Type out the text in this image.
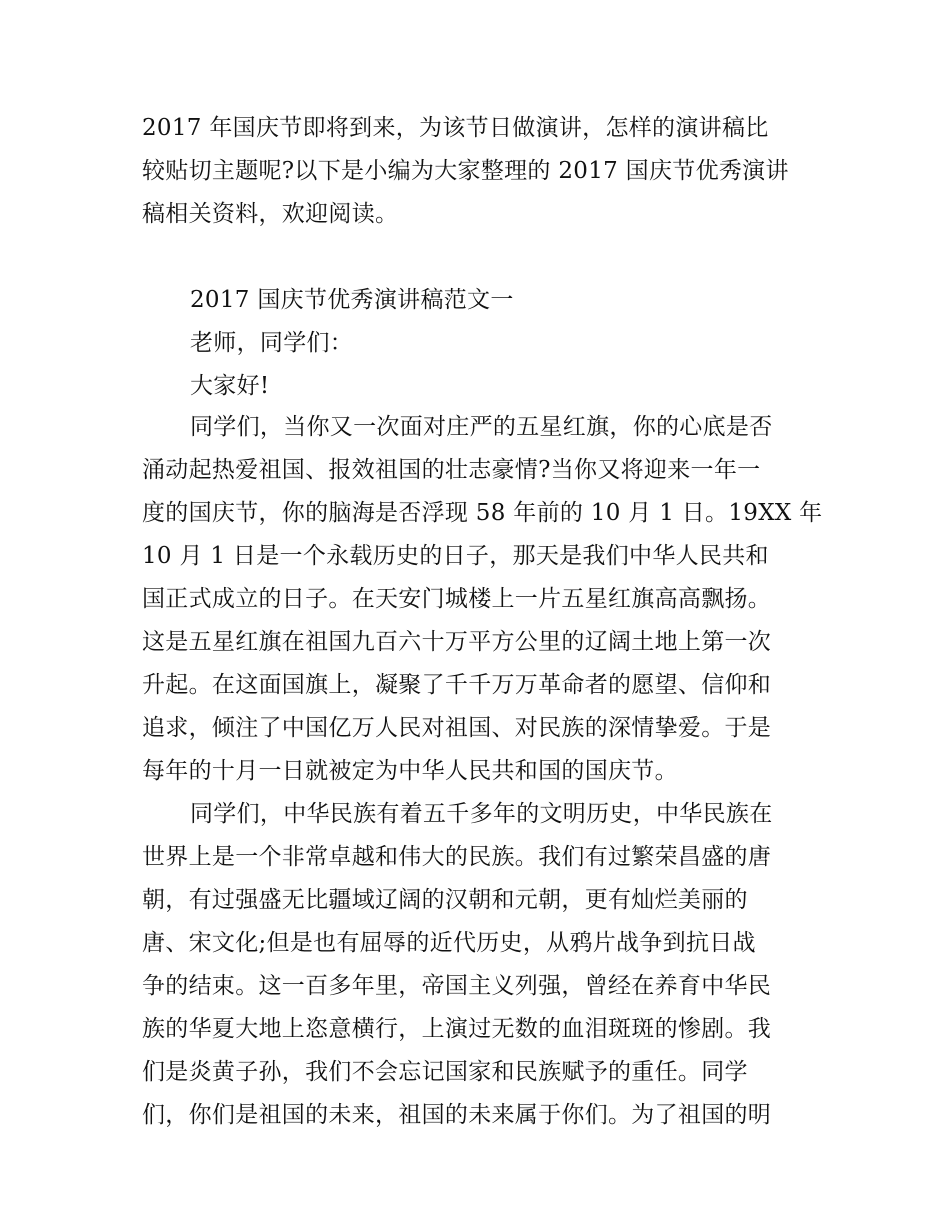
2017 年国庆节即将到来，为该节日做演讲，怎样的演讲稿比
较贴切主题呢?以下是小编为大家整理的 2017 国庆节优秀演讲
稿相关资料，欢迎阅读。
2017 国庆节优秀演讲稿范文一
老师，同学们：
大家好!
同学们，当你又一次面对庄严的五星红旗，你的心底是否
涌动起热爱祖国、报效祖国的壮志豪情?当你又将迎来一年一
度的国庆节，你的脑海是否浮现 58 年前的 10 月 1 日。19XX 年
10 月 1 日是一个永载历史的日子，那天是我们中华人民共和
国正式成立的日子。在天安门城楼上一片五星红旗高高飘扬。
这是五星红旗在祖国九百六十万平方公里的辽阔土地上第一次
升起。在这面国旗上，凝聚了千千万万革命者的愿望、信仰和
追求，倾注了中国亿万人民对祖国、对民族的深情挚爱。于是
每年的十月一日就被定为中华人民共和国的国庆节。
同学们，中华民族有着五千多年的文明历史，中华民族在
世界上是一个非常卓越和伟大的民族。我们有过繁荣昌盛的唐
朝，有过强盛无比疆域辽阔的汉朝和元朝，更有灿烂美丽的
唐、宋文化;但是也有屈辱的近代历史，从鸦片战争到抗日战
争的结束。这一百多年里，帝国主义列强，曾经在养育中华民
族的华夏大地上恣意横行，上演过无数的血泪斑斑的惨剧。我
们是炎黄子孙，我们不会忘记国家和民族赋予的重任。同学
们，你们是祖国的未来，祖国的未来属于你们。为了祖国的明
